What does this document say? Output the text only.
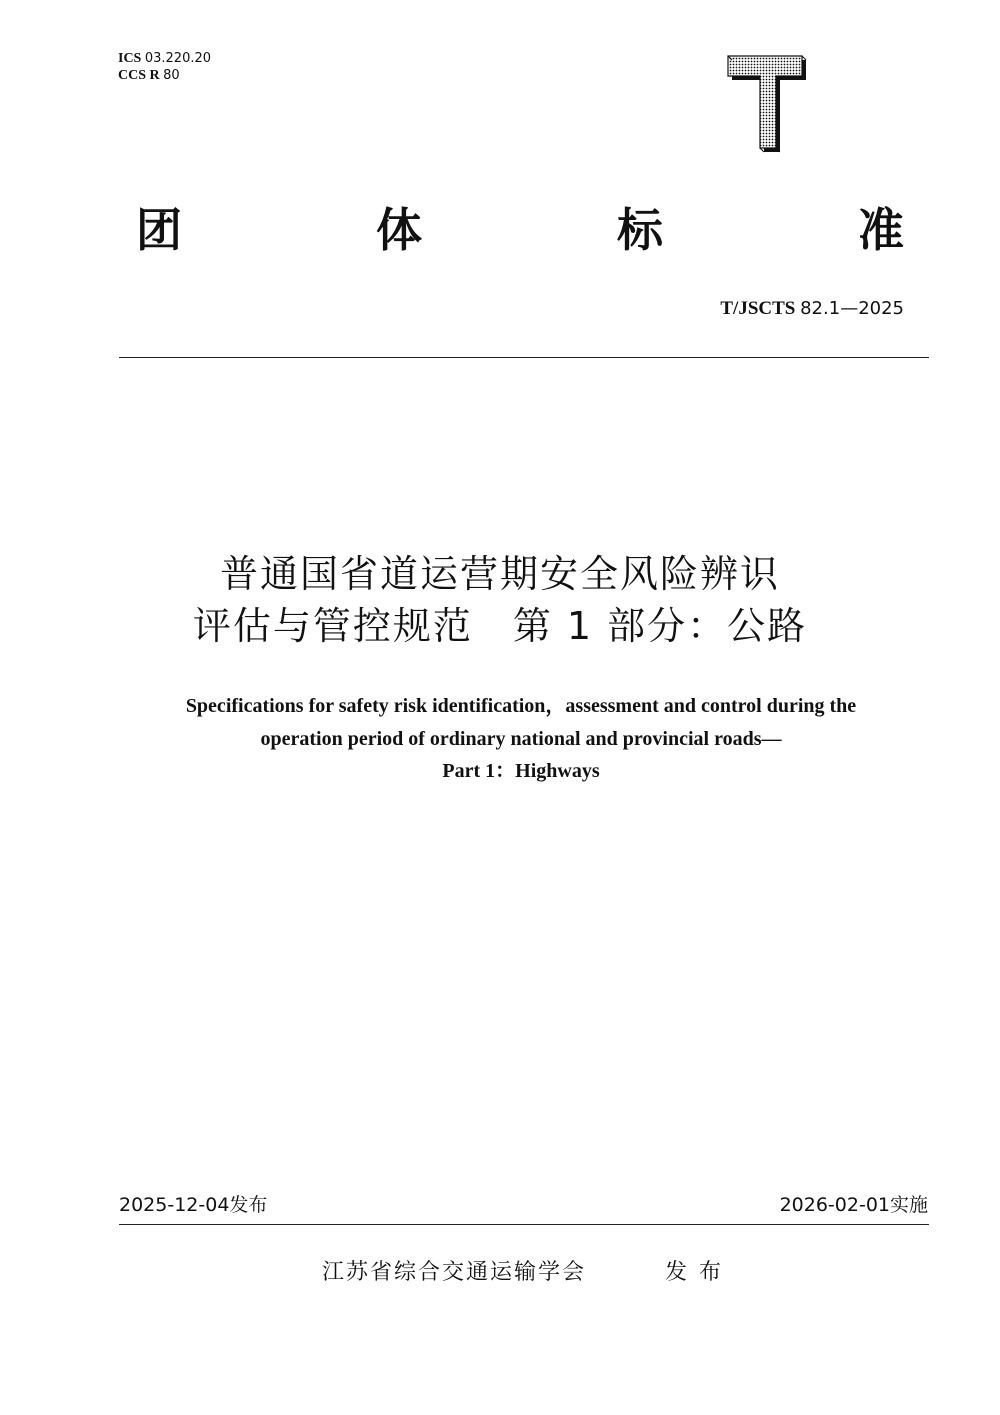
ICS 03.220.20
CCS R 80
团	体	标	准
T/JSCTS 82.1—2025
普通国省道运营期安全风险辨识
评估与管控规范　第 1 部分：公路
Specifications for safety risk identification，assessment and control during the
operation period of ordinary national and provincial roads—
Part 1：Highways
2025-12-04发布	2026-02-01实施
江苏省综合交通运输学会	发布
